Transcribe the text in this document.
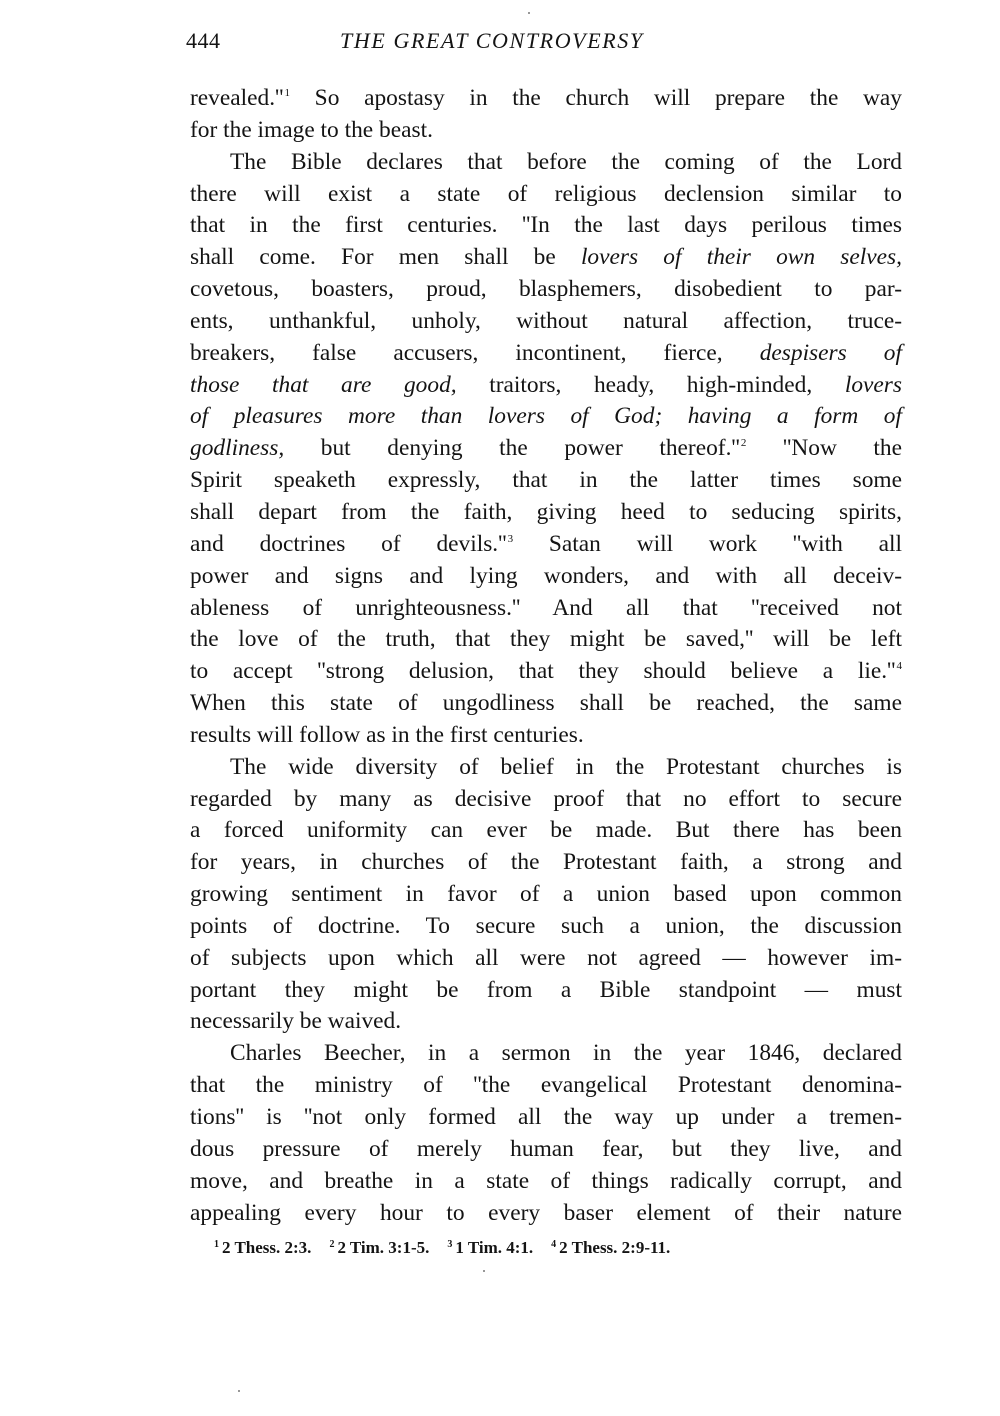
444	THE GREAT CONTROVERSY
$revealed.''^1$ So apostasy in the church will prepare the way
for the image to the beast.
The Bible declares that before the coming of the Lord
there will exist a state of religious declension similar to
that in the first centuries. ''In the last days perilous times
shall come. For men shall be lovers of their own selves,
covetous, boasters, proud, blasphemers, disobedient to par-
ents, unthankful, unholy, without natural affection, truce-
breakers, false accusers, incontinent, fierce, despisers of
those that are good, traitors, heady, high-minded, lovers
of pleasures more than lovers of God; having a form of
godliness, but denying the power $thereof.''^2$ ''Now the
Spirit speaketh expressly, that in the latter times some
shall depart from the faith, giving heed to seducing spirits,
and doctrines of $devils.''^3$ Satan will work ''with all
power and signs and lying wonders, and with all deceiv-
ableness of unrighteousness.'' And all that ''received not
the love of the truth, that they might be saved,'' will be left
to accept ''strong delusion, that they should believe a $lie.''^4$
When this state of ungodliness shall be reached, the same
results will follow as in the first centuries.
The wide diversity of belief in the Protestant churches is
regarded by many as decisive proof that no effort to secure
a forced uniformity can ever be made. But there has been
for years, in churches of the Protestant faith, a strong and
growing sentiment in favor of a union based upon common
points of doctrine. To secure such a union, the discussion
of subjects upon which all were not agreed — however im-
portant they might be from a Bible standpoint — must
necessarily be waived.
Charles Beecher, in a sermon in the year 1846, declared
that the ministry of ''the evangelical Protestant denomina-
tions'' is ''not only formed all the way up under a tremen-
dous pressure of merely human fear, but they live, and
move, and breathe in a state of things radically corrupt, and
appealing every hour to every baser element of their nature
$^1$ 2 Thess. 2:3. $^2$ 2 Tim. 3:1-5. $^3$ 1 Tim. 4:1. $^4$ 2 Thess. 2:9-11.
